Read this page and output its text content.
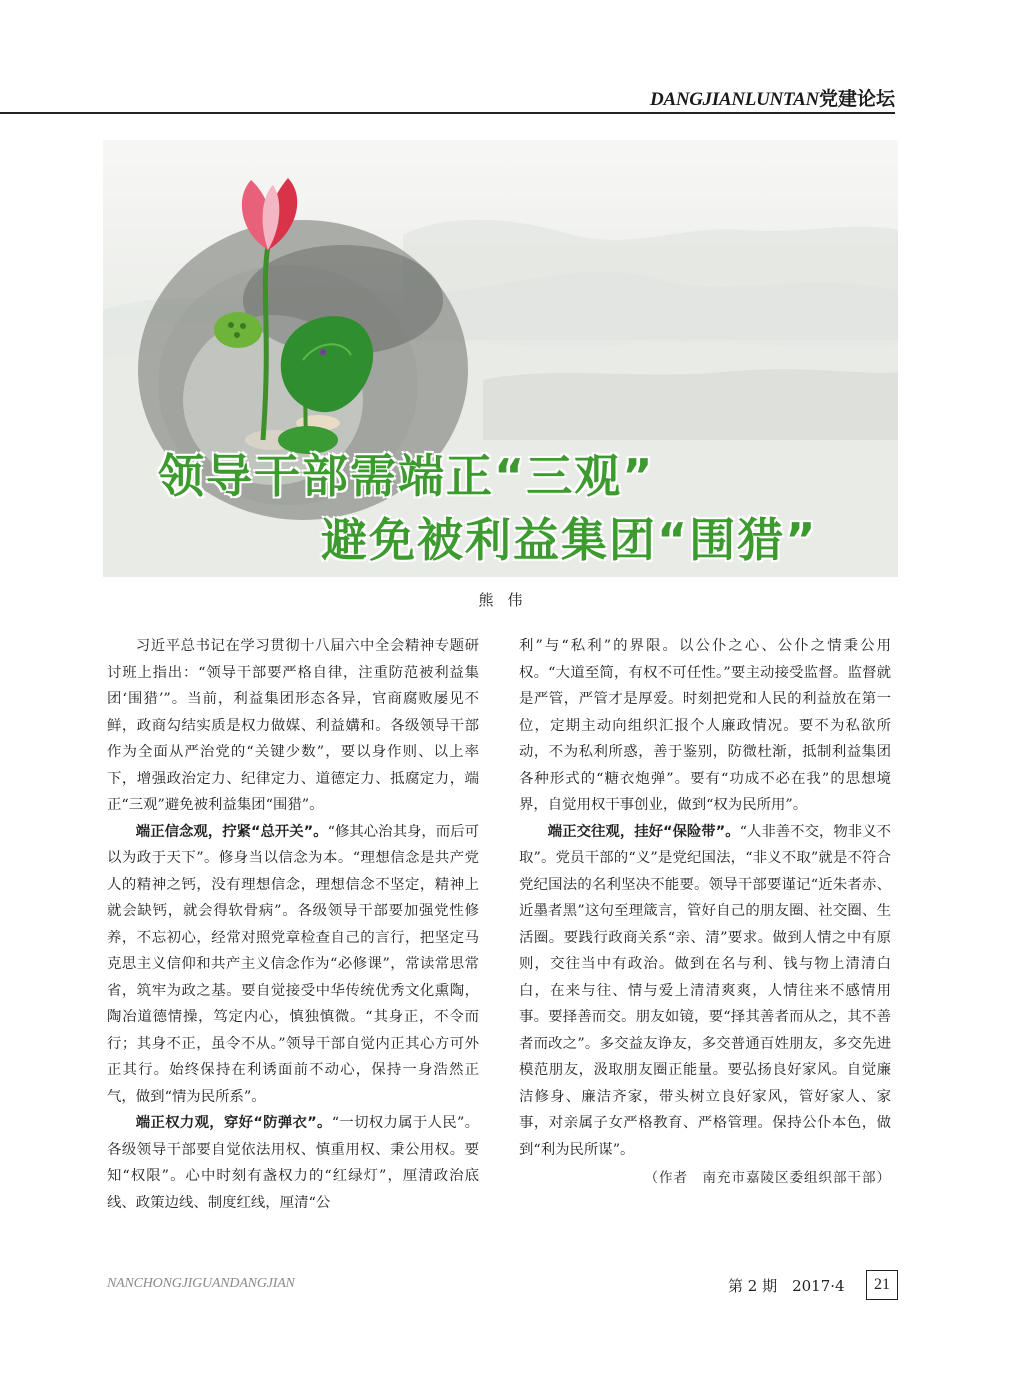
DANGJIANLUNTAN党建论坛
领导干部需端正“三观”
避免被利益集团“围猎”
熊伟

习近平总书记在学习贯彻十八届六中全会精神专题研讨班上指出：“领导干部要严格自律，注重防范被利益集团‘围猎’”。当前，利益集团形态各异，官商腐败屡见不鲜，政商勾结实质是权力做媒、利益媾和。各级领导干部作为全面从严治党的“关键少数”，要以身作则、以上率下，增强政治定力、纪律定力、道德定力、抵腐定力，端正“三观”避免被利益集团“围猎”。

端正信念观，拧紧“总开关”。“修其心治其身，而后可以为政于天下”。修身当以信念为本。“理想信念是共产党人的精神之钙，没有理想信念，理想信念不坚定，精神上就会缺钙，就会得软骨病”。各级领导干部要加强党性修养，不忘初心，经常对照党章检查自己的言行，把坚定马克思主义信仰和共产主义信念作为“必修课”，常读常思常省，筑牢为政之基。要自觉接受中华传统优秀文化熏陶，陶冶道德情操，笃定内心，慎独慎微。“其身正，不令而行；其身不正，虽令不从。”领导干部自觉内正其心方可外正其行。始终保持在利诱面前不动心，保持一身浩然正气，做到“情为民所系”。

端正权力观，穿好“防弹衣”。“一切权力属于人民”。各级领导干部要自觉依法用权、慎重用权、秉公用权。要知“权限”。心中时刻有盏权力的“红绿灯”，厘清政治底线、政策边线、制度红线，厘清“公

利”与“私利”的界限。以公仆之心、公仆之情秉公用权。“大道至简，有权不可任性。”要主动接受监督。监督就是严管，严管才是厚爱。时刻把党和人民的利益放在第一位，定期主动向组织汇报个人廉政情况。要不为私欲所动，不为私利所惑，善于鉴别，防微杜渐，抵制利益集团各种形式的“糖衣炮弹”。要有“功成不必在我”的思想境界，自觉用权干事创业，做到“权为民所用”。

端正交往观，挂好“保险带”。“人非善不交，物非义不取”。党员干部的“义”是党纪国法，“非义不取”就是不符合党纪国法的名利坚决不能要。领导干部要谨记“近朱者赤、近墨者黑”这句至理箴言，管好自己的朋友圈、社交圈、生活圈。要践行政商关系“亲、清”要求。做到人情之中有原则，交往当中有政治。做到在名与利、钱与物上清清白白，在来与往、情与爱上清清爽爽，人情往来不感情用事。要择善而交。朋友如镜，要“择其善者而从之，其不善者而改之”。多交益友诤友，多交普通百姓朋友，多交先进模范朋友，汲取朋友圈正能量。要弘扬良好家风。自觉廉洁修身、廉洁齐家，带头树立良好家风，管好家人、家事，对亲属子女严格教育、严格管理。保持公仆本色，做到“利为民所谋”。

（作者　南充市嘉陵区委组织部干部）
NANCHONGJIGUANDANGJIAN	第 2 期　2017·4	21
